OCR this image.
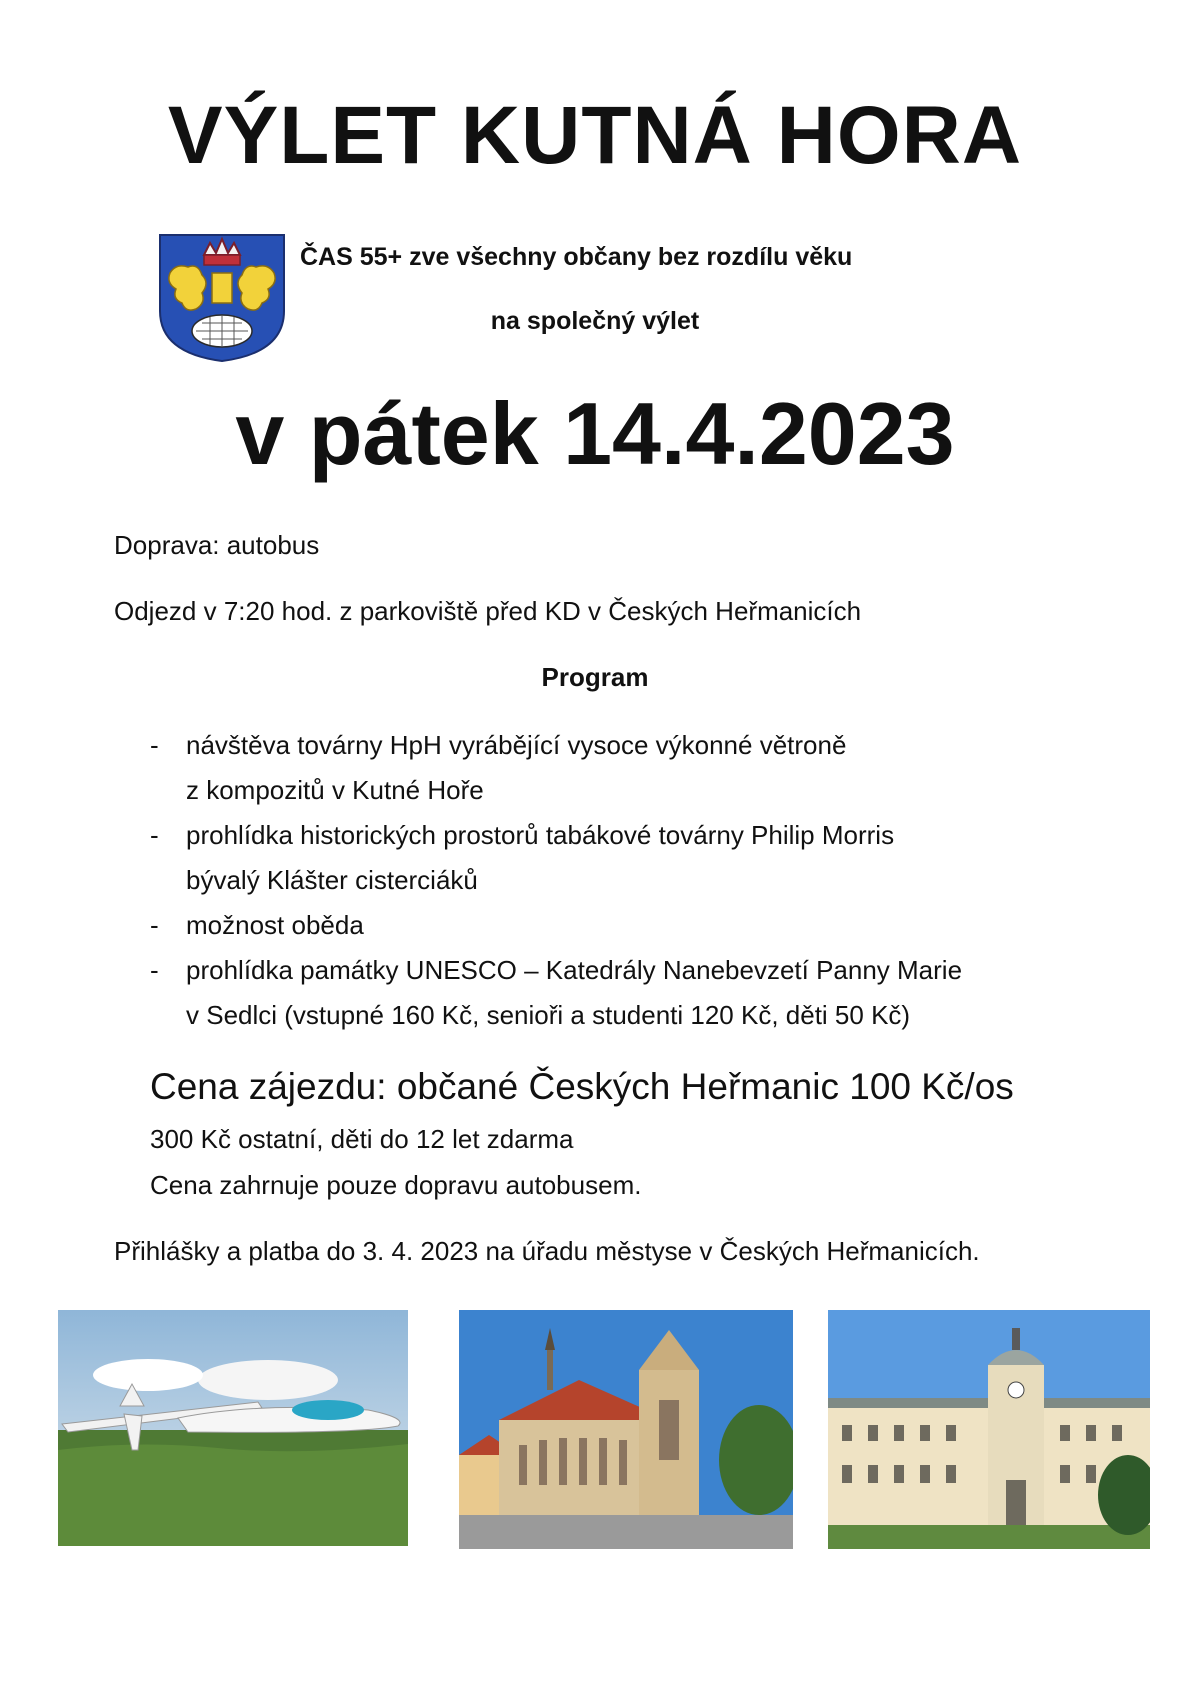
VÝLET KUTNÁ HORA
ČAS 55+ zve všechny občany bez rozdílu věku
na společný výlet
v pátek 14.4.2023
Doprava: autobus
Odjezd v 7:20 hod. z parkoviště před KD v Českých Heřmanicích
Program
- návštěva továrny HpH vyrábějící vysoce výkonné větroně
z kompozitů v Kutné Hoře
- prohlídka historických prostorů tabákové továrny Philip Morris
bývalý Klášter cisterciáků
- možnost oběda
- prohlídka památky UNESCO – Katedrály Nanebevzetí Panny Marie
v Sedlci (vstupné 160 Kč, senioři a studenti 120 Kč, děti 50 Kč)
Cena zájezdu: občané Českých Heřmanic 100 Kč/os
300 Kč ostatní, děti do 12 let zdarma
Cena zahrnuje pouze dopravu autobusem.
Přihlášky a platba do 3. 4. 2023 na úřadu městyse v Českých Heřmanicích.
